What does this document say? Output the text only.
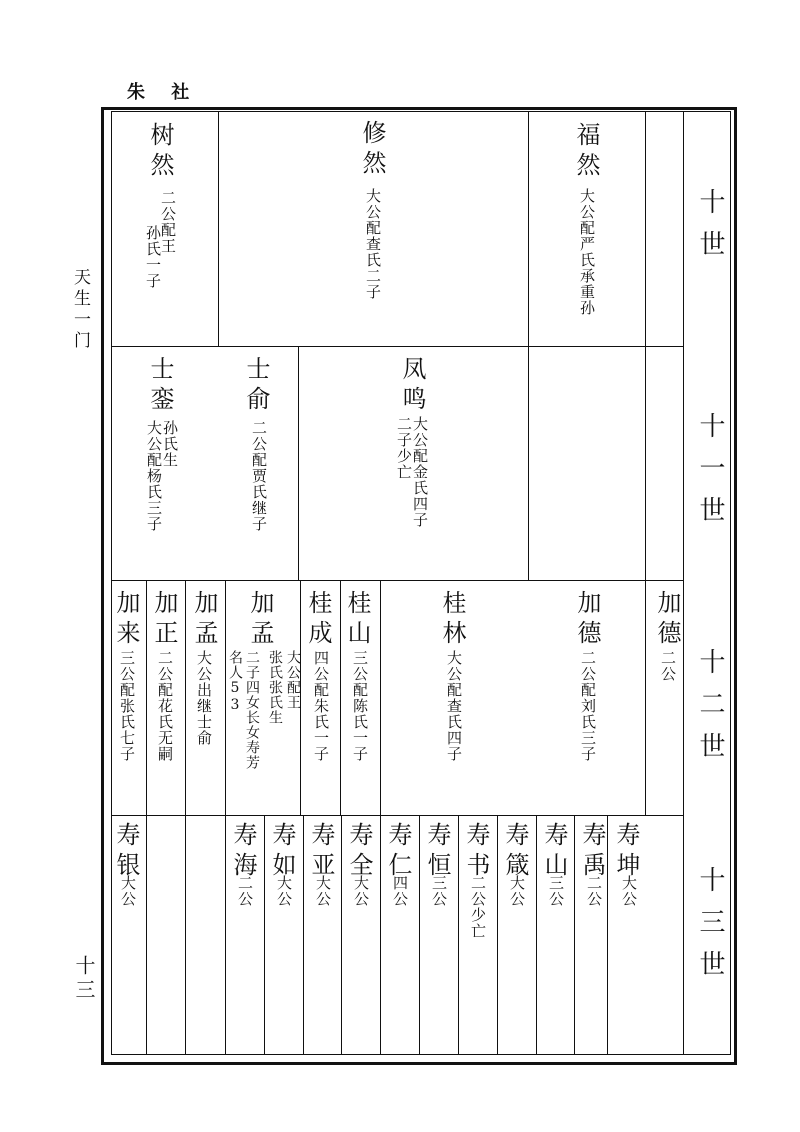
朱 社
天生一门
十三
十世
十一世
十二世
十三世
福然
大公配严氏承重孙
修然
大公配查氏二子
树然
二公配王
孙氏一子
凤鸣
大公配金氏四子
二子少亡
士俞
二公配贾氏继子
士銮
孙氏生
大公配杨氏三子
加德
二公
加德
二公配刘氏三子
桂林
大公配查氏四子
桂山
三公配陈氏一子
桂成
四公配朱氏一子
加孟
大公配王
张氏张氏生
二子四女长女寿芳
名人53
加孟
大公出继士俞
加正
二公配花氏无嗣
加来
三公配张氏七子
寿坤
大公
寿禹
二公
寿山
三公
寿箴
大公
寿书
二公少亡
寿恒
三公
寿仁
四公
寿全
大公
寿亚
大公
寿如
大公
寿海
二公
寿银
大公
